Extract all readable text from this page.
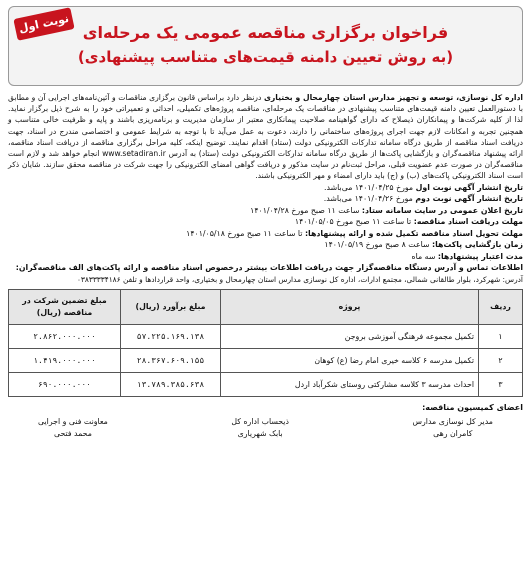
نوبت اول فراخوان برگزاری مناقصه عمومی یک مرحله‌ای
(به روش تعیین دامنه قیمت‌های متناسب پیشنهادی)

اداره کل نوسازی، توسعه و تجهیز مدارس استان چهارمحال و بختیاری درنظر دارد براساس قانون برگزاری مناقصات و آئین‌نامه‌های اجرایی آن و مطابق با دستورالعمل تعیین دامنه قیمت‌های متناسب پیشنهادی در مناقصات یک مرحله‌ای، مناقصه پروژه‌های تکمیلی، احداثی و تعمیراتی خود را به شرح ذیل برگزار نماید. لذا از کلیه شرکت‌ها و پیمانکاران ذیصلاح که دارای گواهینامه صلاحیت پیمانکاری معتبر از سازمان مدیریت و برنامه‌ریزی باشند و پایه و ظرفیت خالی متناسب و همچنین تجربه و امکانات لازم جهت اجرای پروژه‌های ساختمانی را دارند، دعوت به عمل می‌آید تا با توجه به شرایط عمومی و اختصاصی مندرج در اسناد، جهت دریافت اسناد مناقصه از طریق درگاه سامانه تدارکات الکترونیکی دولت (ستاد) اقدام نمایند. توضیح اینکه، کلیه مراحل برگزاری مناقصه از دریافت اسناد مناقصه، ارائه پیشنهاد مناقصه‌گران و بازگشایی پاکت‌ها از طریق درگاه سامانه تدارکات الکترونیکی دولت (ستاد) به آدرس www.setadiran.ir انجام خواهد شد و لازم است مناقصه‌گران در صورت عدم عضویت قبلی، مراحل ثبت‌نام در سایت مذکور و دریافت گواهی امضای الکترونیکی را جهت شرکت در مناقصه محقق سازند. شایان ذکر است اسناد الکترونیکی پاکت‌های (ب) و (ج) باید دارای امضاء و مهر الکترونیکی باشند.

تاریخ انتشار آگهی نوبت اول مورخ ۱۴۰۱/۰۴/۲۵ می‌باشد.
تاریخ انتشار آگهی نوبت دوم مورخ ۱۴۰۱/۰۴/۲۶ می‌باشد.
تاریخ اعلان عمومی در سایت سامانه ستاد: ساعت ۱۱ صبح مورخ ۱۴۰۱/۰۴/۲۸
مهلت دریافت اسناد مناقصه: تا ساعت ۱۱ صبح مورخ ۱۴۰۱/۰۵/۰۵
مهلت تحویل اسناد مناقصه تکمیل شده و ارائه پیشنهادها: تا ساعت ۱۱ صبح مورخ ۱۴۰۱/۰۵/۱۸
زمان بازگشایی پاکت‌ها: ساعت ۸ صبح مورخ ۱۴۰۱/۰۵/۱۹
مدت اعتبار پیشنهادها: سه ماه
اطلاعات تماس و آدرس دستگاه مناقصه‌گزار جهت دریافت اطلاعات بیشتر درخصوص اسناد مناقصه و ارائه پاکت‌های الف مناقصه‌گران:
آدرس: شهرکرد، بلوار طالقانی شمالی، مجتمع ادارات، اداره کل نوسازی مدارس استان چهارمحال و بختیاری، واحد قراردادها و تلفن ۰۳۸۳۳۳۳۴۱۸۶
ردیف	پروژه	مبلغ برآورد (ریال)	مبلغ تضمین شرکت در مناقصه (ریال)
۱	تکمیل مجموعه فرهنگی آموزشی بروجن	۵۷.۲۲۵.۱۶۹.۱۳۸	۲.۸۶۲.۰۰۰.۰۰۰
۲	تکمیل مدرسه ۶ کلاسه خیری امام رضا (ع) کوهان	۲۸.۳۶۷.۶۰۹.۱۵۵	۱.۴۱۹.۰۰۰.۰۰۰
۳	احداث مدرسه ۳ کلاسه مشارکتی روستای شکرآباد اردل	۱۳.۷۸۹.۳۸۵.۶۳۸	۶۹۰.۰۰۰.۰۰۰
اعضای کمیسیون مناقصه:
مدیر کل نوسازی مدارس
کامران رهی
ذیحساب اداره کل
بابک شهریاری
معاونت فنی و اجرایی
محمد فتحی
